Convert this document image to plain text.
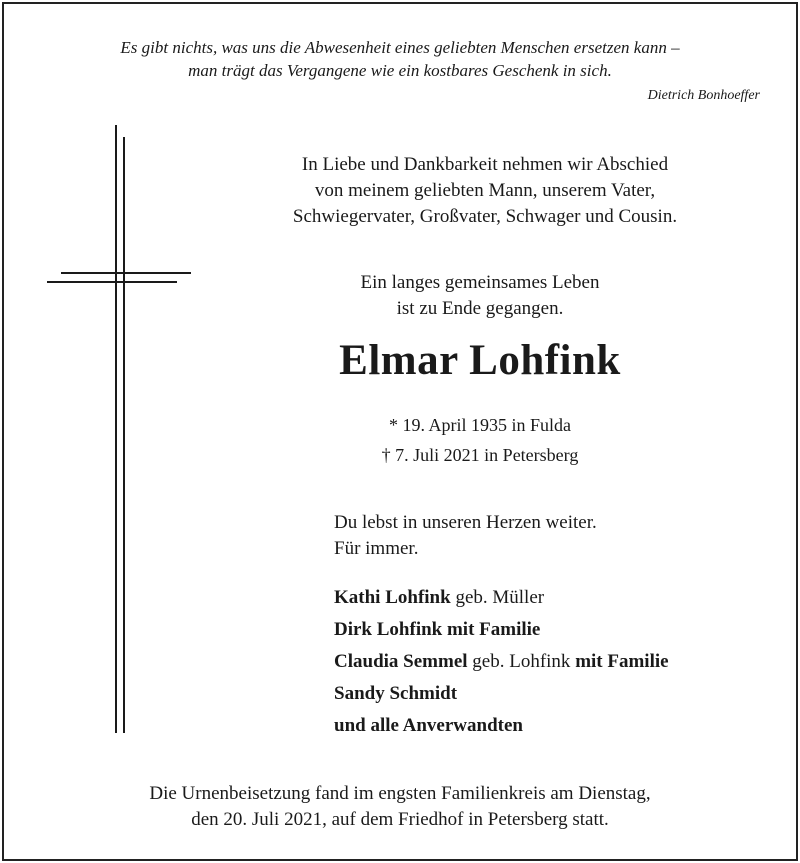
Es gibt nichts, was uns die Abwesenheit eines geliebten Menschen ersetzen kann –
man trägt das Vergangene wie ein kostbares Geschenk in sich.
Dietrich Bonhoeffer
In Liebe und Dankbarkeit nehmen wir Abschied
von meinem geliebten Mann, unserem Vater,
Schwiegervater, Großvater, Schwager und Cousin.
Ein langes gemeinsames Leben
ist zu Ende gegangen.
Elmar Lohfink
* 19. April 1935 in Fulda
† 7. Juli 2021 in Petersberg
Du lebst in unseren Herzen weiter.
Für immer.
Kathi Lohfink geb. Müller
Dirk Lohfink mit Familie
Claudia Semmel geb. Lohfink mit Familie
Sandy Schmidt
und alle Anverwandten
Die Urnenbeisetzung fand im engsten Familienkreis am Dienstag,
den 20. Juli 2021, auf dem Friedhof in Petersberg statt.
